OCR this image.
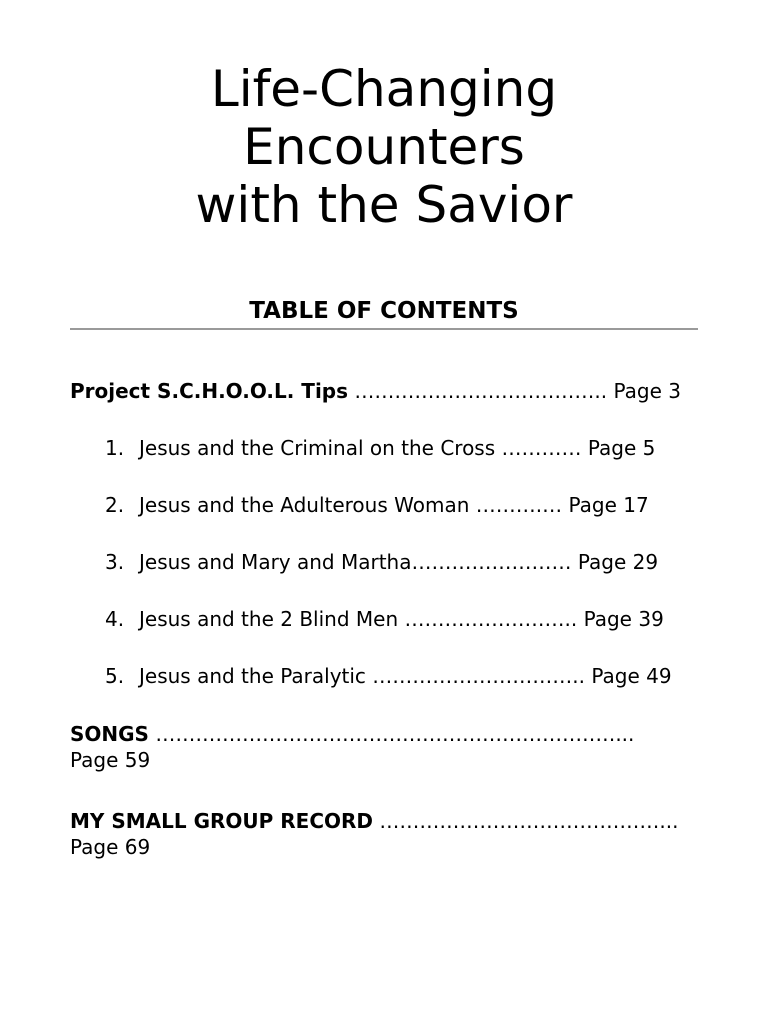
Life-Changing
Encounters
with the Savior
TABLE OF CONTENTS
Project S.C.H.O.O.L. Tips ……………………………….. Page 3
1. Jesus and the Criminal on the Cross ………… Page 5
2. Jesus and the Adulterous Woman ……….… Page 17
3. Jesus and Mary and Martha…………………… Page 29
4. Jesus and the 2 Blind Men …………………….. Page 39
5. Jesus and the Paralytic ………………………….. Page 49
SONGS ……………………………………………………………... Page 59
MY SMALL GROUP RECORD ……………………………………... Page 69
